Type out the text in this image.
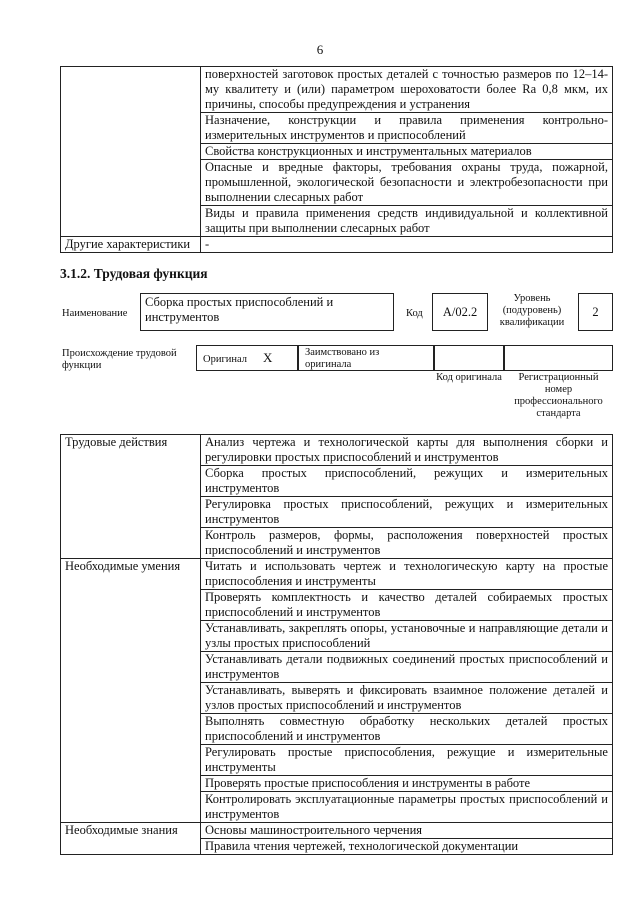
6
	поверхностей заготовок простых деталей с точностью размеров по 12–14-му квалитету и (или) параметром шероховатости более Ra 0,8 мкм, их причины, способы предупреждения и устранения
	Назначение, конструкции и правила применения контрольно-измерительных инструментов и приспособлений
	Свойства конструкционных и инструментальных материалов
	Опасные и вредные факторы, требования охраны труда, пожарной, промышленной, экологической безопасности и электробезопасности при выполнении слесарных работ
	Виды и правила применения средств индивидуальной и коллективной защиты при выполнении слесарных работ
Другие характеристики	-
3.1.2. Трудовая функция
Наименование
Сборка простых приспособлений и инструментов	Код	A/02.2
Уровень (подуровень) квалификации
2
Происхождение трудовой функции
Оригинал X	Заимствовано из оригинала
Код оригинала	Регистрационный номер профессионального стандарта
Трудовые действия	Анализ чертежа и технологической карты для выполнения сборки и регулировки простых приспособлений и инструментов
	Сборка простых приспособлений, режущих и измерительных инструментов
	Регулировка простых приспособлений, режущих и измерительных инструментов
	Контроль размеров, формы, расположения поверхностей простых приспособлений и инструментов
Необходимые умения	Читать и использовать чертеж и технологическую карту на простые приспособления и инструменты
	Проверять комплектность и качество деталей собираемых простых приспособлений и инструментов
	Устанавливать, закреплять опоры, установочные и направляющие детали и узлы простых приспособлений
	Устанавливать детали подвижных соединений простых приспособлений и инструментов
	Устанавливать, выверять и фиксировать взаимное положение деталей и узлов простых приспособлений и инструментов
	Выполнять совместную обработку нескольких деталей простых приспособлений и инструментов
	Регулировать простые приспособления, режущие и измерительные инструменты
	Проверять простые приспособления и инструменты в работе
	Контролировать эксплуатационные параметры простых приспособлений и инструментов
Необходимые знания	Основы машиностроительного черчения
	Правила чтения чертежей, технологической документации
